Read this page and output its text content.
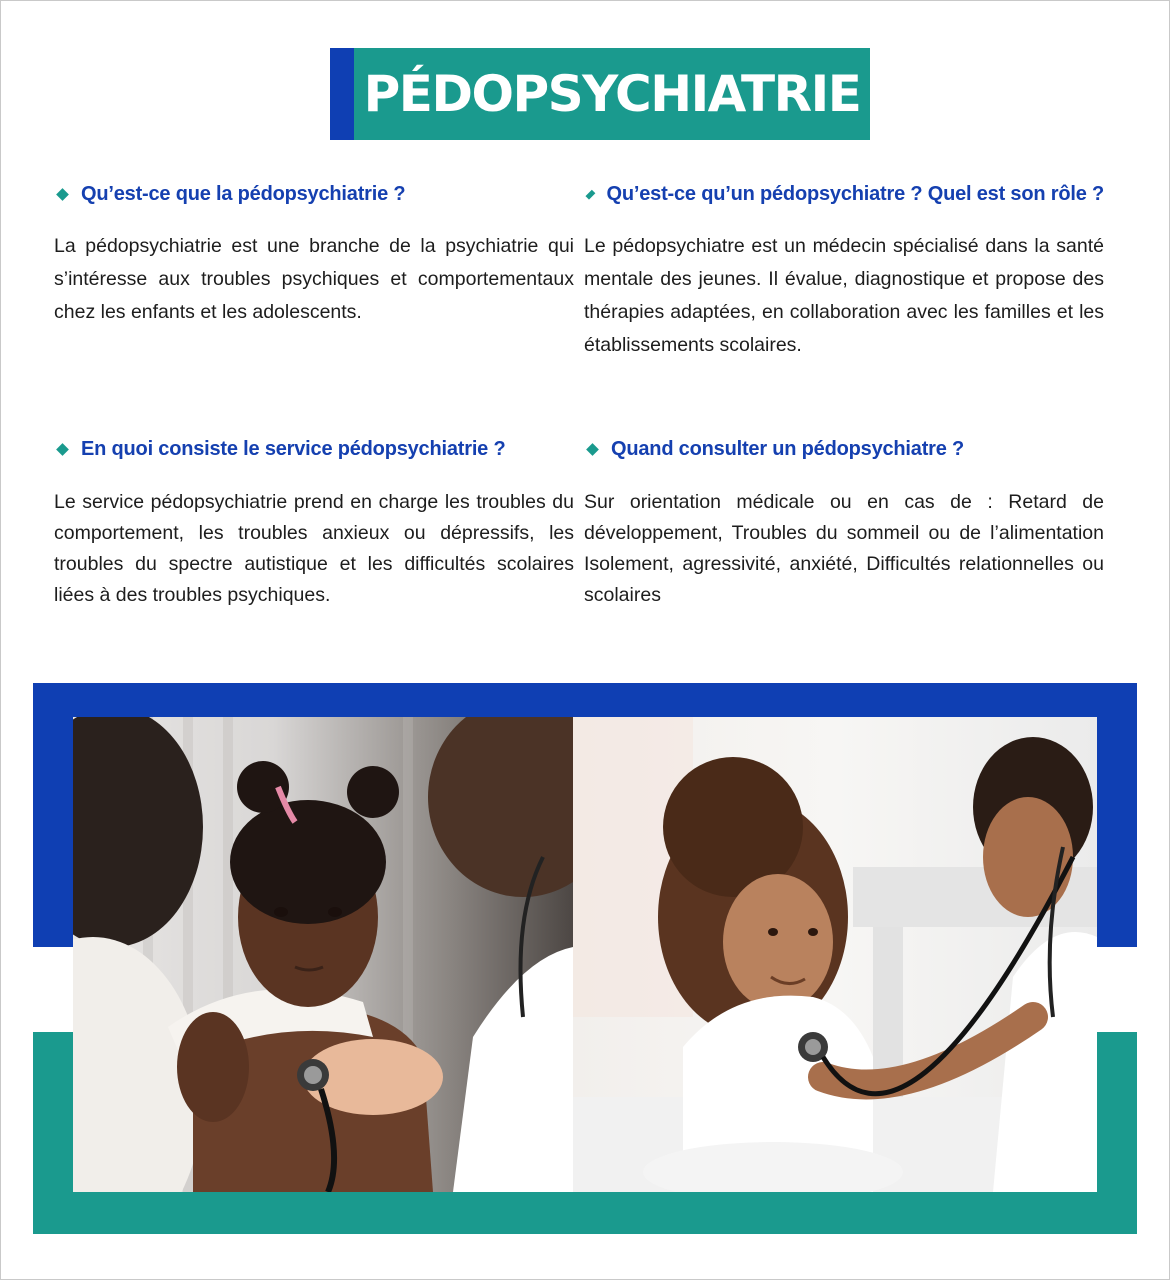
PÉDOPSYCHIATRIE
Qu’est-ce que la pédopsychiatrie ?
La pédopsychiatrie est une branche de la psychiatrie qui s’intéresse aux troubles psychiques et comportementaux chez les enfants et les adolescents.
Qu’est-ce qu’un pédopsychiatre ? Quel est son rôle ?
Le pédopsychiatre est un médecin spécialisé dans la santé mentale des jeunes. Il évalue, diagnostique et propose des thérapies adaptées, en collaboration avec les familles et les établissements scolaires.
En quoi consiste le service pédopsychiatrie ?
Le service pédopsychiatrie prend en charge les troubles du comportement, les troubles anxieux ou dépressifs, les troubles du spectre autistique et les difficultés scolaires liées à des troubles psychiques.
Quand consulter un pédopsychiatre ?
Sur orientation médicale ou en cas de : Retard de développement, Troubles du sommeil ou de l’alimentation Isolement, agressivité, anxiété, Difficultés relationnelles ou scolaires
